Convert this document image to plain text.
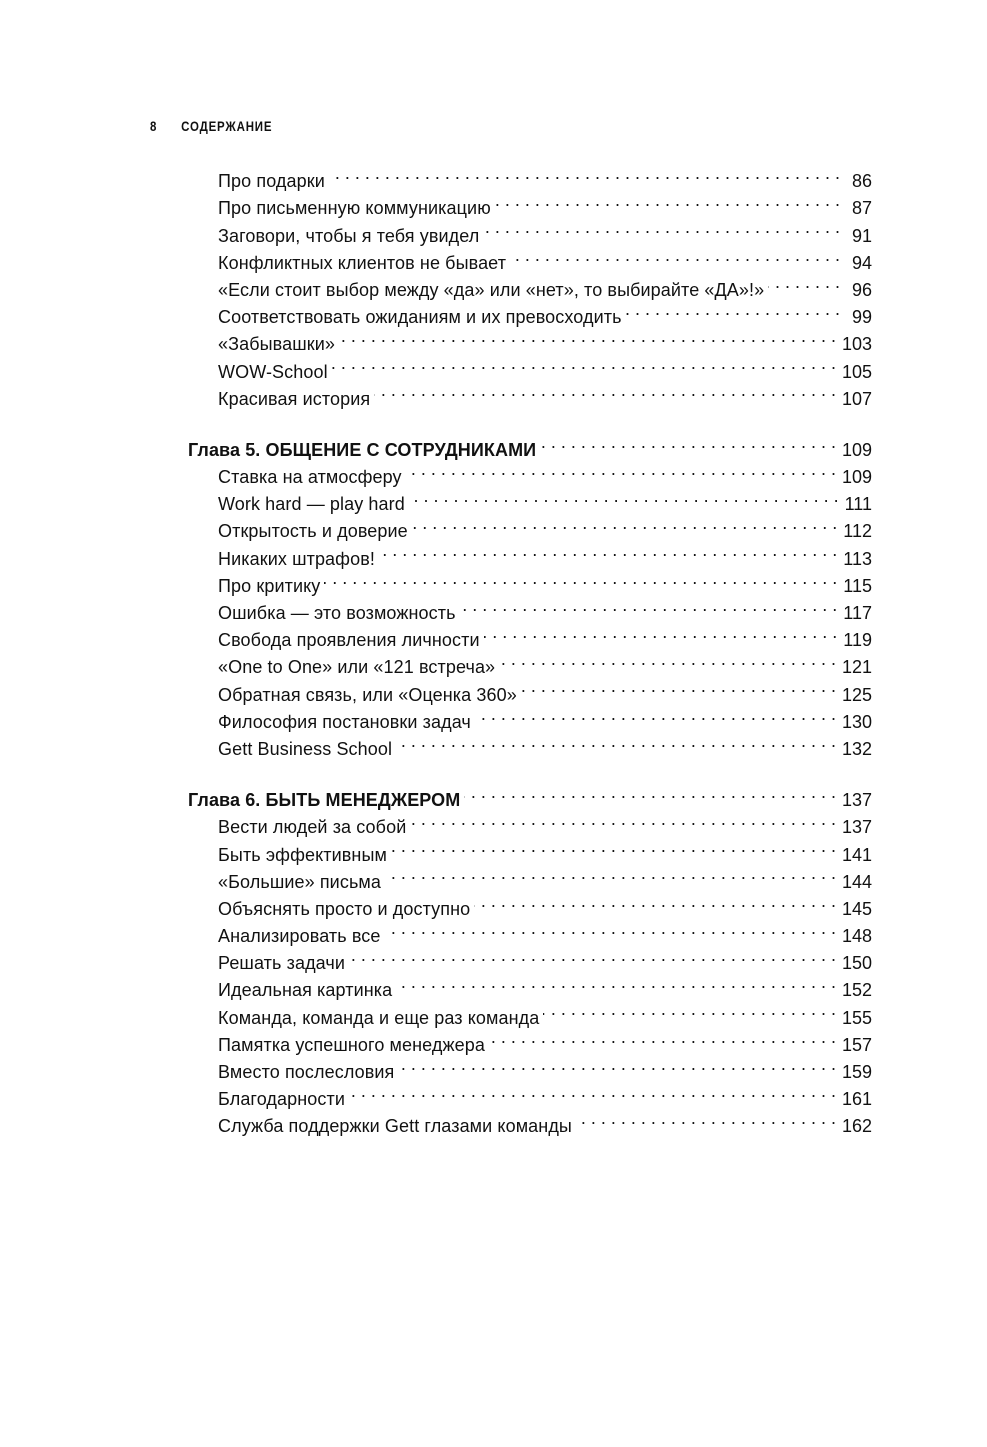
8 СОДЕРЖАНИЕ
Про подарки . . .	86
Про письменную коммуникацию . . .	87
Заговори, чтобы я тебя увидел . . .	91
Конфликтных клиентов не бывает . . .	94
«Если стоит выбор между «да» или «нет», то выбирайте «ДА»!» . . .	96
Соответствовать ожиданиям и их превосходить . . .	99
«Забывашки» . . .	103
WOW-School . . .	105
Красивая история . . .	107
Глава 5. ОБЩЕНИЕ С СОТРУДНИКАМИ . . .	109
Ставка на атмосферу . . .	109
Work hard — play hard . . .	111
Открытость и доверие . . .	112
Никаких штрафов! . . .	113
Про критику . . .	115
Ошибка — это возможность . . .	117
Свобода проявления личности . . .	119
«One to One» или «121 встреча» . . .	121
Обратная связь, или «Оценка 360» . . .	125
Философия постановки задач . . .	130
Gett Business School . . .	132
Глава 6. БЫТЬ МЕНЕДЖЕРОМ . . .	137
Вести людей за собой . . .	137
Быть эффективным . . .	141
«Большие» письма . . .	144
Объяснять просто и доступно . . .	145
Анализировать все . . .	148
Решать задачи . . .	150
Идеальная картинка . . .	152
Команда, команда и еще раз команда . . .	155
Памятка успешного менеджера . . .	157
Вместо послесловия . . .	159
Благодарности . . .	161
Служба поддержки Gett глазами команды . . .	162
